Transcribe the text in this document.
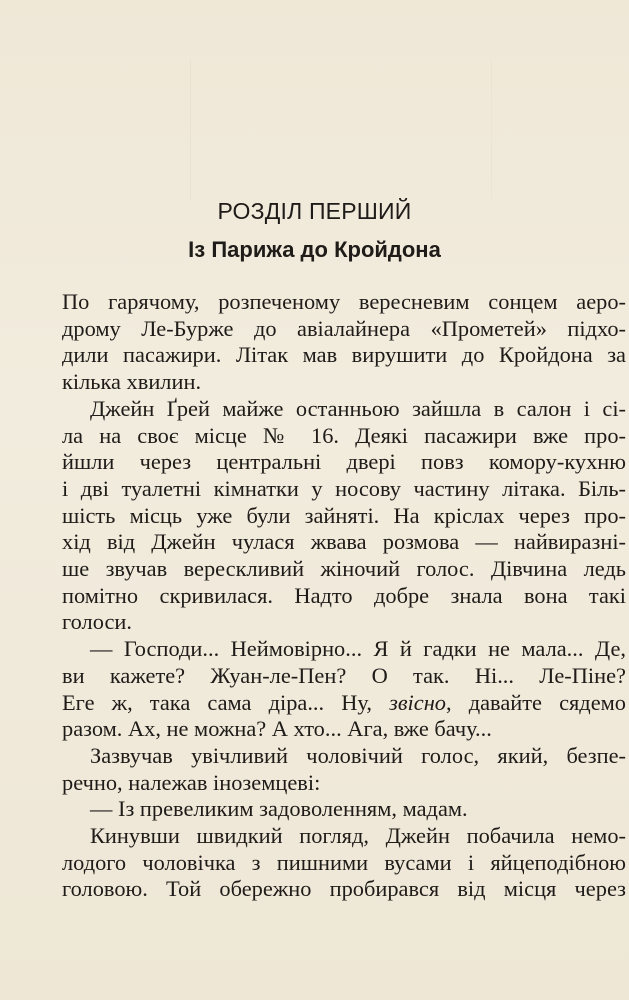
РОЗДІЛ ПЕРШИЙ
Із Парижа до Кройдона
По гарячому, розпеченому вересневим сонцем аеро-
дрому Ле-Бурже до авіалайнера «Прометей» підхо-
дили пасажири. Літак мав вирушити до Кройдона за
кілька хвилин.
Джейн Ґрей майже останньою зайшла в салон і сі-
ла на своє місце № 16. Деякі пасажири вже про-
йшли через центральні двері повз комору-кухню
і дві туалетні кімнатки у носову частину літака. Біль-
шість місць уже були зайняті. На кріслах через про-
хід від Джейн чулася жвава розмова — найвиразні-
ше звучав верескливий жіночий голос. Дівчина ледь
помітно скривилася. Надто добре знала вона такі
голоси.
— Господи... Неймовірно... Я й гадки не мала... Де,
ви кажете? Жуан-ле-Пен? О так. Ні... Ле-Піне?
Еге ж, така сама діра... Ну, звісно, давайте сядемо
разом. Ах, не можна? А хто... Ага, вже бачу...
Зазвучав увічливий чоловічий голос, який, безпе-
речно, належав іноземцеві:
— Із превеликим задоволенням, мадам.
Кинувши швидкий погляд, Джейн побачила немо-
лодого чоловічка з пишними вусами і яйцеподібною
головою. Той обережно пробирався від місця через
